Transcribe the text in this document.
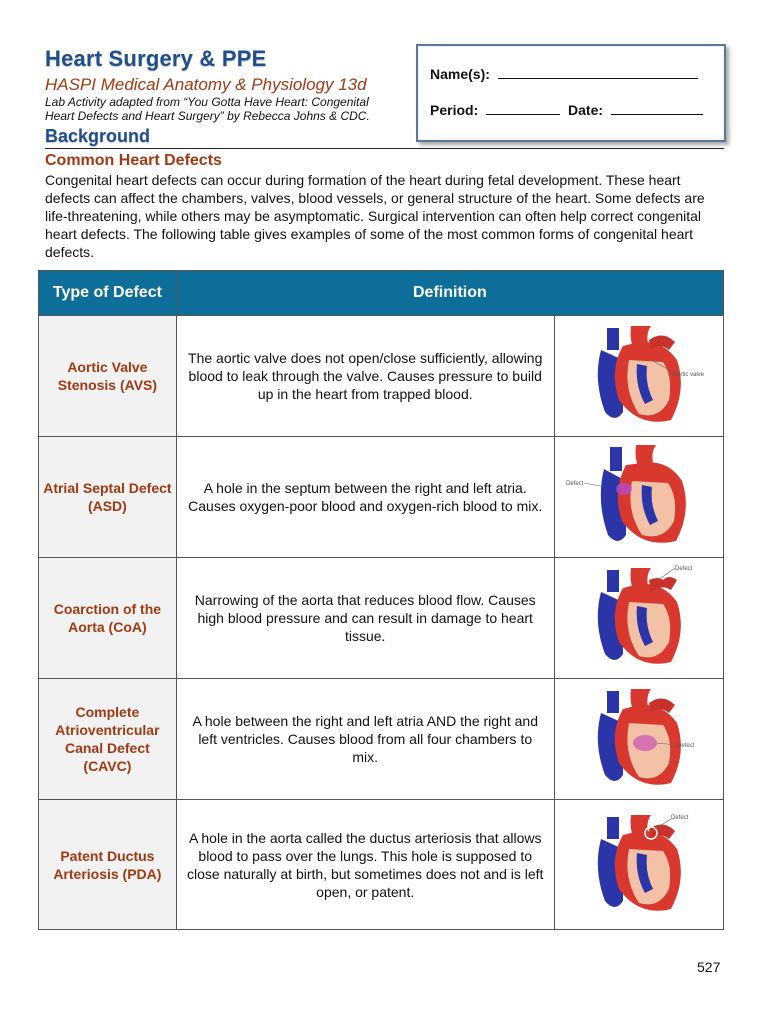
Heart Surgery & PPE
HASPI Medical Anatomy & Physiology 13d
Lab Activity adapted from “You Gotta Have Heart: Congenital
Heart Defects and Heart Surgery” by Rebecca Johns & CDC.
Name(s):
Period:	Date:
Background
Common Heart Defects

Congenital heart defects can occur during formation of the heart during fetal development. These heart defects can affect the chambers, valves, blood vessels, or general structure of the heart. Some defects are life-threatening, while others may be asymptomatic. Surgical intervention can often help correct congenital heart defects. The following table gives examples of some of the most common forms of congenital heart defects.

Type of Defect	Definition	
Aortic Valve Stenosis (AVS)	The aortic valve does not open/close sufficiently, allowing blood to leak through the valve. Causes pressure to build up in the heart from trapped blood.	Aortic valve

Atrial Septal Defect (ASD)	A hole in the septum between the right and left atria. Causes oxygen-poor blood and oxygen-rich blood to mix.	Defect

Coarction of the Aorta (CoA)	Narrowing of the aorta that reduces blood flow. Causes high blood pressure and can result in damage to heart tissue.	Defect

Complete Atrioventricular Canal Defect (CAVC)	A hole between the right and left atria AND the right and left ventricles. Causes blood from all four chambers to mix.	Defect

Patent Ductus Arteriosis (PDA)	A hole in the aorta called the ductus arteriosis that allows blood to pass over the lungs. This hole is supposed to close naturally at birth, but sometimes does not and is left open, or patent.	Defect
527
